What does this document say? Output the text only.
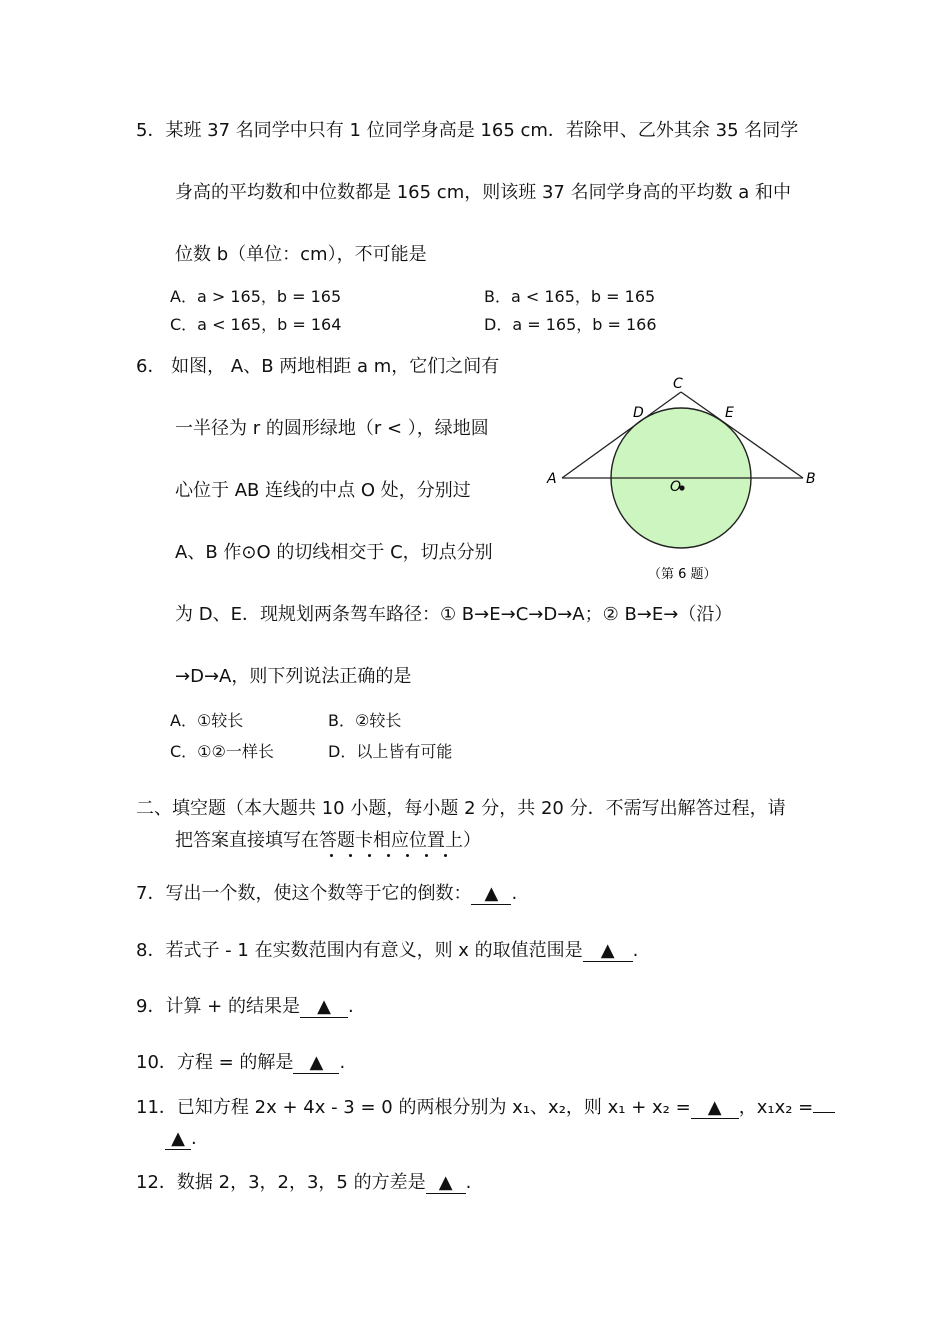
5．某班 37 名同学中只有 1 位同学身高是 165 cm．若除甲、乙外其余 35 名同学
身高的平均数和中位数都是 165 cm，则该班 37 名同学身高的平均数 a 和中
位数 b（单位：cm），不可能是
A．a > 165，b = 165	B．a < 165，b = 165
C．a < 165，b = 164	D．a = 165，b = 166
6． 如图， A、B 两地相距 a m，它们之间有
一半径为 r 的圆形绿地（r < ），绿地圆
心位于 AB 连线的中点 O 处，分别过
A、B 作⊙O 的切线相交于 C，切点分别
为 D、E．现规划两条驾车路径：① B→E→C→D→A；② B→E→（沿）
→D→A，则下列说法正确的是
A．①较长	B．②较长
C．①②一样长	D．以上皆有可能
A	B
C
D	E
O
（第 6 题）
二、填空题（本大题共 10 小题，每小题 2 分，共 20 分．不需写出解答过程，请
把答案直接填写在答题卡相应位置上）
7．写出一个数，使这个数等于它的倒数： ▲ .
8．若式子 - 1 在实数范围内有意义，则 x 的取值范围是 ▲ .
9．计算 + 的结果是 ▲ .
10．方程 = 的解是 ▲ .
11．已知方程 2x + 4x - 3 = 0 的两根分别为 x₁、x₂，则 x₁ + x₂ = ▲ ，x₁x₂ =
▲ .
12．数据 2，3，2，3，5 的方差是 ▲ .
